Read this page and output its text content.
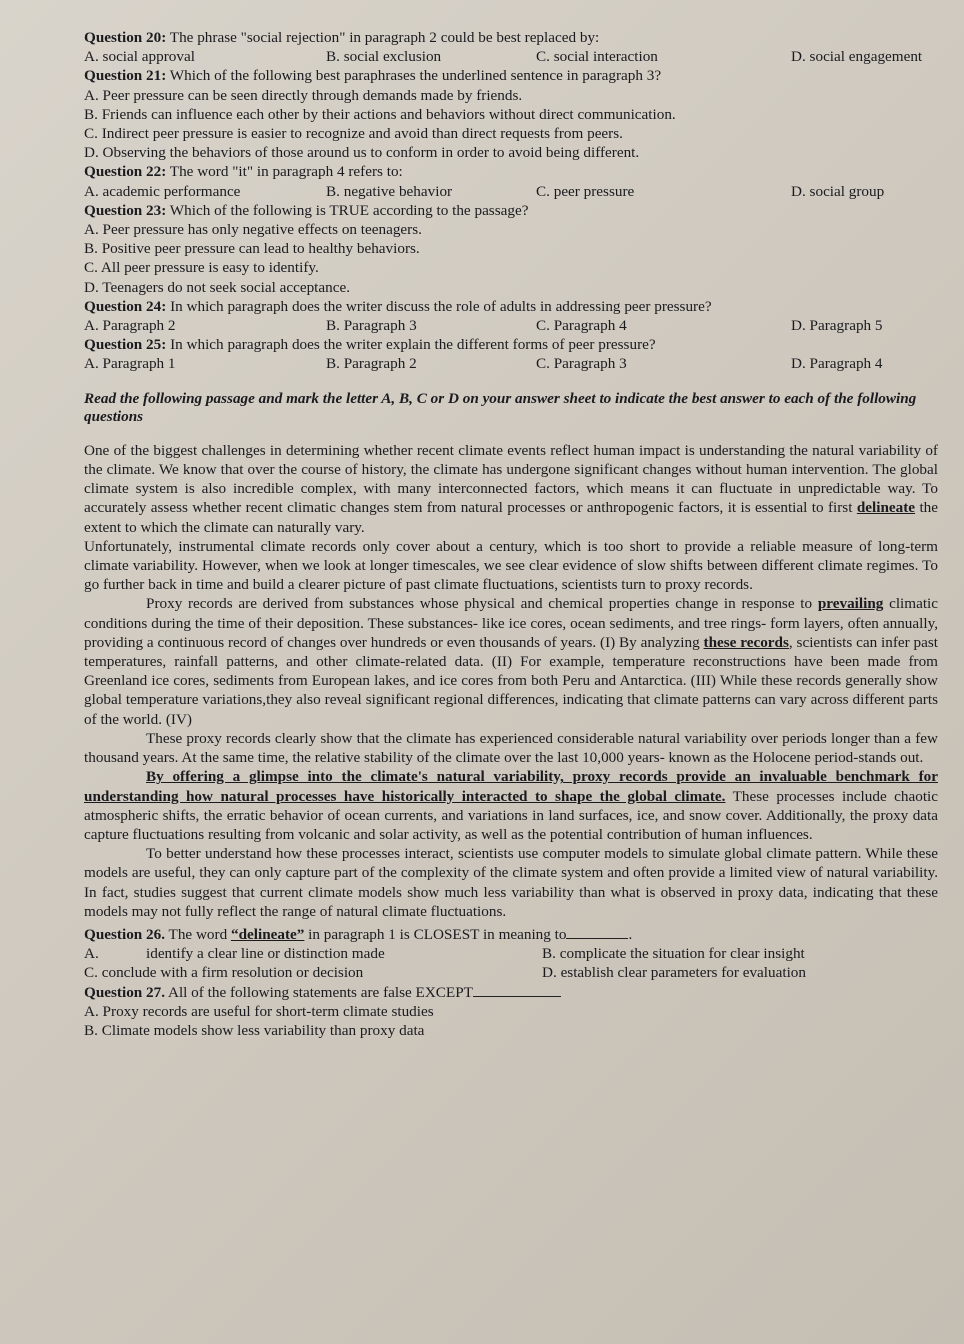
Question 20: The phrase "social rejection" in paragraph 2 could be best replaced by:

A. social approval	B. social exclusion	C. social interaction	D. social engagement

Question 21: Which of the following best paraphrases the underlined sentence in paragraph 3?

A. Peer pressure can be seen directly through demands made by friends.
B. Friends can influence each other by their actions and behaviors without direct communication.
C. Indirect peer pressure is easier to recognize and avoid than direct requests from peers.
D. Observing the behaviors of those around us to conform in order to avoid being different.

Question 22: The word "it" in paragraph 4 refers to:

A. academic performance	B. negative behavior	C. peer pressure	D. social group

Question 23: Which of the following is TRUE according to the passage?

A. Peer pressure has only negative effects on teenagers.
B. Positive peer pressure can lead to healthy behaviors.
C. All peer pressure is easy to identify.
D. Teenagers do not seek social acceptance.

Question 24: In which paragraph does the writer discuss the role of adults in addressing peer pressure?

A. Paragraph 2	B. Paragraph 3	C. Paragraph 4	D. Paragraph 5

Question 25: In which paragraph does the writer explain the different forms of peer pressure?

A. Paragraph 1	B. Paragraph 2	C. Paragraph 3	D. Paragraph 4

Read the following passage and mark the letter A, B, C or D on your answer sheet to indicate the best answer to each of the following questions

One of the biggest challenges in determining whether recent climate events reflect human impact is understanding the natural variability of the climate. We know that over the course of history, the climate has undergone significant changes without human intervention. The global climate system is also incredible complex, with many interconnected factors, which means it can fluctuate in unpredictable way. To accurately assess whether recent climatic changes stem from natural processes or anthropogenic factors, it is essential to first delineate the extent to which the climate can naturally vary.

Unfortunately, instrumental climate records only cover about a century, which is too short to provide a reliable measure of long-term climate variability. However, when we look at longer timescales, we see clear evidence of slow shifts between different climate regimes. To go further back in time and build a clearer picture of past climate fluctuations, scientists turn to proxy records.

Proxy records are derived from substances whose physical and chemical properties change in response to prevailing climatic conditions during the time of their deposition. These substances- like ice cores, ocean sediments, and tree rings- form layers, often annually, providing a continuous record of changes over hundreds or even thousands of years. (I) By analyzing these records, scientists can infer past temperatures, rainfall patterns, and other climate-related data. (II) For example, temperature reconstructions have been made from Greenland ice cores, sediments from European lakes, and ice cores from both Peru and Antarctica. (III) While these records generally show global temperature variations,they also reveal significant regional differences, indicating that climate patterns can vary across different parts of the world. (IV)

These proxy records clearly show that the climate has experienced considerable natural variability over periods longer than a few thousand years. At the same time, the relative stability of the climate over the last 10,000 years- known as the Holocene period-stands out.

By offering a glimpse into the climate's natural variability, proxy records provide an invaluable benchmark for understanding how natural processes have historically interacted to shape the global climate. These processes include chaotic atmospheric shifts, the erratic behavior of ocean currents, and variations in land surfaces, ice, and snow cover. Additionally, the proxy data capture fluctuations resulting from volcanic and solar activity, as well as the potential contribution of human influences.

To better understand how these processes interact, scientists use computer models to simulate global climate pattern. While these models are useful, they can only capture part of the complexity of the climate system and often provide a limited view of natural variability. In fact, studies suggest that current climate models show much less variability than what is observed in proxy data, indicating that these models may not fully reflect the range of natural climate fluctuations.

Question 26. The word “delineate” in paragraph 1 is CLOSEST in meaning to	.

A.	identify a clear line or distinction made	B. complicate the situation for clear insight
C. conclude with a firm resolution or decision	D. establish clear parameters for evaluation

Question 27. All of the following statements are false EXCEPT

A. Proxy records are useful for short-term climate studies
B. Climate models show less variability than proxy data
